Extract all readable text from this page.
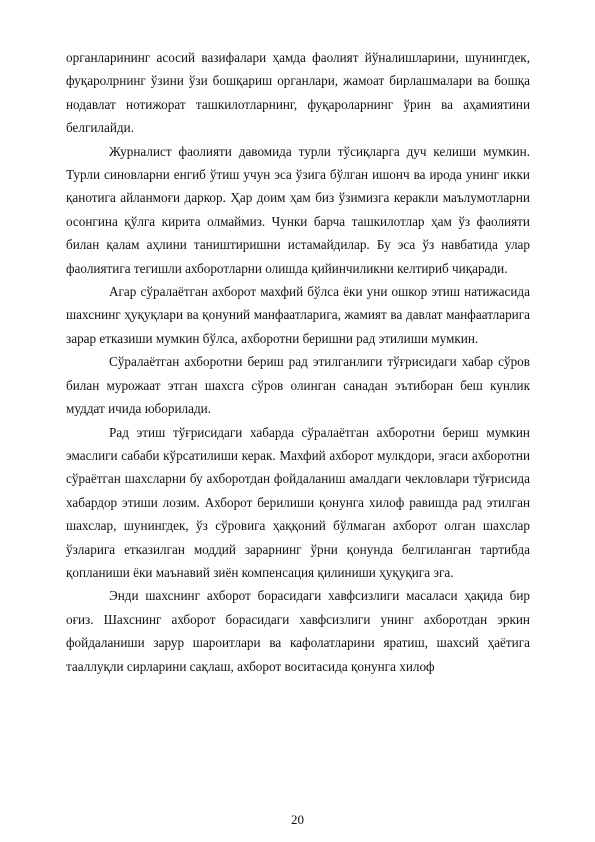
органларининг асосий вазифалари ҳамда фаолият йўналишларини, шунингдек, фуқаролрнинг ўзини ўзи бошқариш органлари, жамоат бирлашмалари ва бошқа нодавлат нотижорат ташкилотларнинг, фуқароларнинг ўрин ва аҳамиятини белгилайди.

Журналист фаолияти давомида турли тўсиқларга дуч келиши мумкин. Турли синовларни енгиб ўтиш учун эса ўзига бўлган ишонч ва ирода унинг икки қанотига айланмоғи даркор. Ҳар доим ҳам биз ўзимизга керакли маълумотларни осонгина қўлга кирита олмаймиз. Чунки барча ташкилотлар ҳам ўз фаолияти билан қалам аҳлини таништиришни истамайдилар. Бу эса ўз навбатида улар фаолиятига тегишли ахборотларни олишда қийинчиликни келтириб чиқаради.

Агар сўралаётган ахборот махфий бўлса ёки уни ошкор этиш натижасида шахснинг ҳуқуқлари ва қонуний манфаатларига, жамият ва давлат манфаатларига зарар етказиши мумкин бўлса, ахборотни беришни рад этилиши мумкин.

Сўралаётган ахборотни бериш рад этилганлиги тўғрисидаги хабар сўров билан мурожаат этган шахсга сўров олинган санадан эътиборан беш кунлик муддат ичида юборилади.

Рад этиш тўғрисидаги хабарда сўралаётган ахборотни бериш мумкин эмаслиги сабаби кўрсатилиши керак. Махфий ахборот мулкдори, эгаси ахборотни сўраётган шахсларни бу ахборотдан фойдаланиш амалдаги чекловлари тўғрисида хабардор этиши лозим. Ахборот берилиши қонунга хилоф равишда рад этилган шахслар, шунингдек, ўз сўровига ҳаққоний бўлмаган ахборот олган шахслар ўзларига етказилган моддий зарарнинг ўрни қонунда белгиланган тартибда қопланиши ёки маънавий зиён компенсация қилиниши ҳуқуқига эга.

Энди шахснинг ахборот борасидаги хавфсизлиги масаласи ҳақида бир оғиз. Шахснинг ахборот борасидаги хавфсизлиги унинг ахборотдан эркин фойдаланиши зарур шароитлари ва кафолатларини яратиш, шахсий ҳаётига тааллуқли сирларини сақлаш, ахборот воситасида қонунга хилоф

20
